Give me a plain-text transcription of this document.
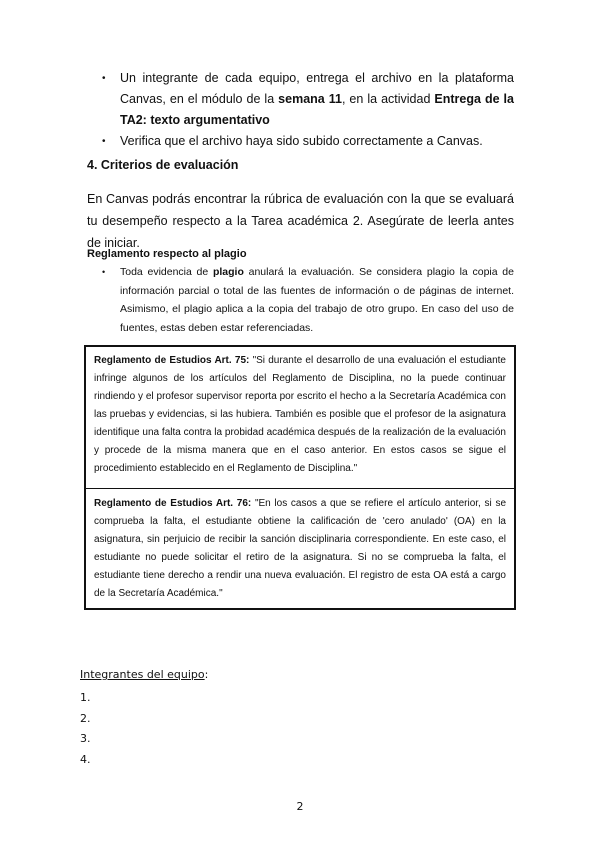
• Un integrante de cada equipo, entrega el archivo en la plataforma Canvas, en el módulo de la semana 11, en la actividad Entrega de la TA2: texto argumentativo
• Verifica que el archivo haya sido subido correctamente a Canvas.
4. Criterios de evaluación

En Canvas podrás encontrar la rúbrica de evaluación con la que se evaluará tu desempeño respecto a la Tarea académica 2. Asegúrate de leerla antes de iniciar.

Reglamento respecto al plagio
• Toda evidencia de plagio anulará la evaluación. Se considera plagio la copia de información parcial o total de las fuentes de información o de páginas de internet. Asimismo, el plagio aplica a la copia del trabajo de otro grupo. En caso del uso de fuentes, estas deben estar referenciadas.

Reglamento de Estudios Art. 75: "Si durante el desarrollo de una evaluación el estudiante infringe algunos de los artículos del Reglamento de Disciplina, no la puede continuar rindiendo y el profesor supervisor reporta por escrito el hecho a la Secretaría Académica con las pruebas y evidencias, si las hubiera. También es posible que el profesor de la asignatura identifique una falta contra la probidad académica después de la realización de la evaluación y procede de la misma manera que en el caso anterior. En estos casos se sigue el procedimiento establecido en el Reglamento de Disciplina."

Reglamento de Estudios Art. 76: "En los casos a que se refiere el artículo anterior, si se comprueba la falta, el estudiante obtiene la calificación de 'cero anulado' (OA) en la asignatura, sin perjuicio de recibir la sanción disciplinaria correspondiente. En este caso, el estudiante no puede solicitar el retiro de la asignatura. Si no se comprueba la falta, el estudiante tiene derecho a rendir una nueva evaluación. El registro de esta OA está a cargo de la Secretaría Académica."

Integrantes del equipo:

1.
2.
3.
4.

2
